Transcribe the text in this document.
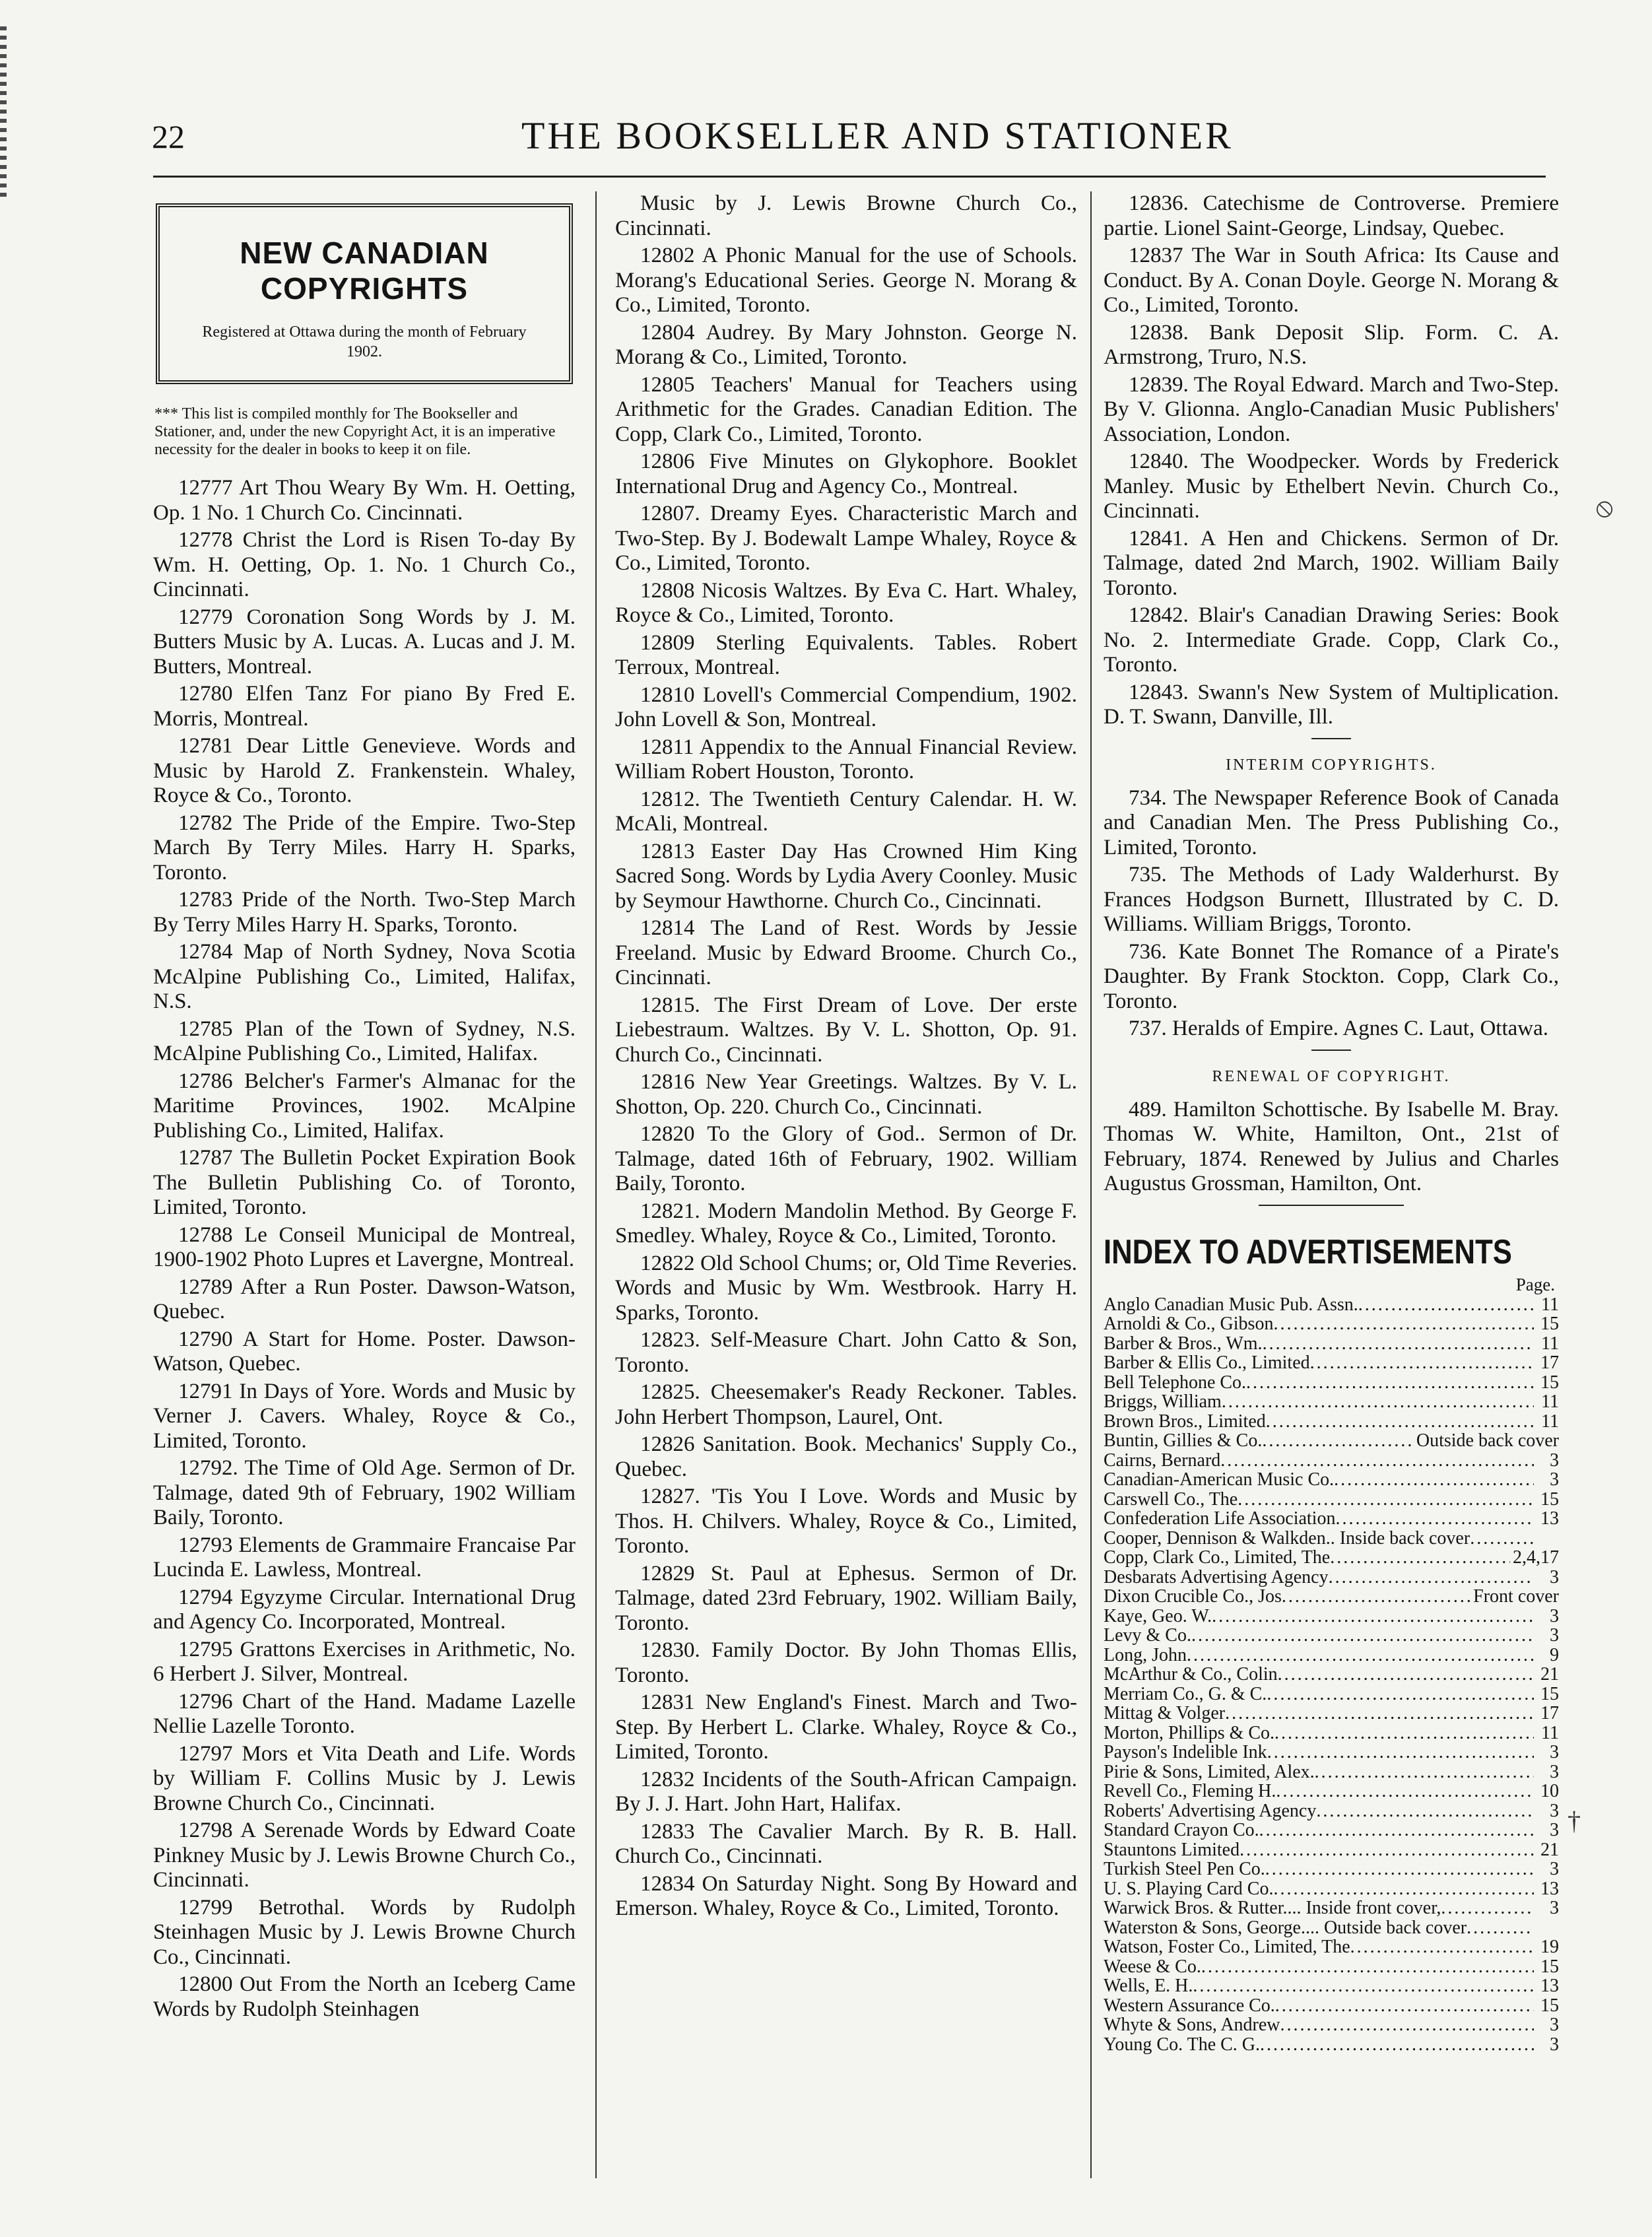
22	THE BOOKSELLER AND STATIONER
NEW CANADIAN COPYRIGHTS
Registered at Ottawa during the month of February 1902.
*** This list is compiled monthly for The Bookseller and Stationer, and, under the new Copyright Act, it is an imperative necessity for the dealer in books to keep it on file.

12777 Art Thou Weary By Wm. H. Oetting, Op. 1 No. 1 Church Co. Cincinnati.

12778 Christ the Lord is Risen To-day By Wm. H. Oetting, Op. 1. No. 1 Church Co., Cincinnati.

12779 Coronation Song Words by J. M. Butters Music by A. Lucas. A. Lucas and J. M. Butters, Montreal.

12780 Elfen Tanz For piano By Fred E. Morris, Montreal.

12781 Dear Little Genevieve. Words and Music by Harold Z. Frankenstein. Whaley, Royce & Co., Toronto.

12782 The Pride of the Empire. Two-Step March By Terry Miles. Harry H. Sparks, Toronto.

12783 Pride of the North. Two-Step March By Terry Miles Harry H. Sparks, Toronto.

12784 Map of North Sydney, Nova Scotia McAlpine Publishing Co., Limited, Halifax, N.S.

12785 Plan of the Town of Sydney, N.S. McAlpine Publishing Co., Limited, Halifax.

12786 Belcher's Farmer's Almanac for the Maritime Provinces, 1902. McAlpine Publishing Co., Limited, Halifax.

12787 The Bulletin Pocket Expiration Book The Bulletin Publishing Co. of Toronto, Limited, Toronto.

12788 Le Conseil Municipal de Montreal, 1900-1902 Photo Lupres et Lavergne, Montreal.

12789 After a Run Poster. Dawson-Watson, Quebec.

12790 A Start for Home. Poster. Dawson-Watson, Quebec.

12791 In Days of Yore. Words and Music by Verner J. Cavers. Whaley, Royce & Co., Limited, Toronto.

12792. The Time of Old Age. Sermon of Dr. Talmage, dated 9th of February, 1902 William Baily, Toronto.

12793 Elements de Grammaire Francaise Par Lucinda E. Lawless, Montreal.

12794 Egyzyme Circular. International Drug and Agency Co. Incorporated, Montreal.

12795 Grattons Exercises in Arithmetic, No. 6 Herbert J. Silver, Montreal.

12796 Chart of the Hand. Madame Lazelle Nellie Lazelle Toronto.

12797 Mors et Vita Death and Life. Words by William F. Collins Music by J. Lewis Browne Church Co., Cincinnati.

12798 A Serenade Words by Edward Coate Pinkney Music by J. Lewis Browne Church Co., Cincinnati.

12799 Betrothal. Words by Rudolph Steinhagen Music by J. Lewis Browne Church Co., Cincinnati.

12800 Out From the North an Iceberg Came Words by Rudolph Steinhagen

Music by J. Lewis Browne Church Co., Cincinnati.

12802 A Phonic Manual for the use of Schools. Morang's Educational Series. George N. Morang & Co., Limited, Toronto.

12804 Audrey. By Mary Johnston. George N. Morang & Co., Limited, Toronto.

12805 Teachers' Manual for Teachers using Arithmetic for the Grades. Canadian Edition. The Copp, Clark Co., Limited, Toronto.

12806 Five Minutes on Glykophore. Booklet International Drug and Agency Co., Montreal.

12807. Dreamy Eyes. Characteristic March and Two-Step. By J. Bodewalt Lampe Whaley, Royce & Co., Limited, Toronto.

12808 Nicosis Waltzes. By Eva C. Hart. Whaley, Royce & Co., Limited, Toronto.

12809 Sterling Equivalents. Tables. Robert Terroux, Montreal.

12810 Lovell's Commercial Compendium, 1902. John Lovell & Son, Montreal.

12811 Appendix to the Annual Financial Review. William Robert Houston, Toronto.

12812. The Twentieth Century Calendar. H. W. McAli, Montreal.

12813 Easter Day Has Crowned Him King Sacred Song. Words by Lydia Avery Coonley. Music by Seymour Hawthorne. Church Co., Cincinnati.

12814 The Land of Rest. Words by Jessie Freeland. Music by Edward Broome. Church Co., Cincinnati.

12815. The First Dream of Love. Der erste Liebestraum. Waltzes. By V. L. Shotton, Op. 91. Church Co., Cincinnati.

12816 New Year Greetings. Waltzes. By V. L. Shotton, Op. 220. Church Co., Cincinnati.

12820 To the Glory of God.. Sermon of Dr. Talmage, dated 16th of February, 1902. William Baily, Toronto.

12821. Modern Mandolin Method. By George F. Smedley. Whaley, Royce & Co., Limited, Toronto.

12822 Old School Chums; or, Old Time Reveries. Words and Music by Wm. Westbrook. Harry H. Sparks, Toronto.

12823. Self-Measure Chart. John Catto & Son, Toronto.

12825. Cheesemaker's Ready Reckoner. Tables. John Herbert Thompson, Laurel, Ont.

12826 Sanitation. Book. Mechanics' Supply Co., Quebec.

12827. 'Tis You I Love. Words and Music by Thos. H. Chilvers. Whaley, Royce & Co., Limited, Toronto.

12829 St. Paul at Ephesus. Sermon of Dr. Talmage, dated 23rd February, 1902. William Baily, Toronto.

12830. Family Doctor. By John Thomas Ellis, Toronto.

12831 New England's Finest. March and Two-Step. By Herbert L. Clarke. Whaley, Royce & Co., Limited, Toronto.

12832 Incidents of the South-African Campaign. By J. J. Hart. John Hart, Halifax.

12833 The Cavalier March. By R. B. Hall. Church Co., Cincinnati.

12834 On Saturday Night. Song By Howard and Emerson. Whaley, Royce & Co., Limited, Toronto.

12836. Catechisme de Controverse. Premiere partie. Lionel Saint-George, Lindsay, Quebec.

12837 The War in South Africa: Its Cause and Conduct. By A. Conan Doyle. George N. Morang & Co., Limited, Toronto.

12838. Bank Deposit Slip. Form. C. A. Armstrong, Truro, N.S.

12839. The Royal Edward. March and Two-Step. By V. Glionna. Anglo-Canadian Music Publishers' Association, London.

12840. The Woodpecker. Words by Frederick Manley. Music by Ethelbert Nevin. Church Co., Cincinnati.

12841. A Hen and Chickens. Sermon of Dr. Talmage, dated 2nd March, 1902. William Baily Toronto.

12842. Blair's Canadian Drawing Series: Book No. 2. Intermediate Grade. Copp, Clark Co., Toronto.

12843. Swann's New System of Multiplication. D. T. Swann, Danville, Ill.

INTERIM COPYRIGHTS.

734. The Newspaper Reference Book of Canada and Canadian Men. The Press Publishing Co., Limited, Toronto.

735. The Methods of Lady Walderhurst. By Frances Hodgson Burnett, Illustrated by C. D. Williams. William Briggs, Toronto.

736. Kate Bonnet The Romance of a Pirate's Daughter. By Frank Stockton. Copp, Clark Co., Toronto.

737. Heralds of Empire. Agnes C. Laut, Ottawa.

RENEWAL OF COPYRIGHT.

489. Hamilton Schottische. By Isabelle M. Bray. Thomas W. White, Hamilton, Ont., 21st of February, 1874. Renewed by Julius and Charles Augustus Grossman, Hamilton, Ont.

INDEX TO ADVERTISEMENTS
Page.
Anglo Canadian Music Pub. Assn. .....	11
Arnoldi & Co., Gibson .....	15
Barber & Bros., Wm. .....	11
Barber & Ellis Co., Limited .....	17
Bell Telephone Co. .....	15
Briggs, William .....	11
Brown Bros., Limited .....	11
Buntin, Gillies & Co. .....	Outside back cover
Cairns, Bernard .....	3
Canadian-American Music Co. .....	3
Carswell Co., The .....	15
Confederation Life Association .....	13
Cooper, Dennison & Walkden.. Inside back cover
.....
Copp, Clark Co., Limited, The .....	2,4,17
Desbarats Advertising Agency .....	3
Dixon Crucible Co., Jos .....	Front cover
Kaye, Geo. W. .....	3
Levy & Co. .....	3
Long, John .....	9
McArthur & Co., Colin .....	21
Merriam Co., G. & C. .....	15
Mittag & Volger .....	17
Morton, Phillips & Co. .....	11
Payson's Indelible Ink .....	3
Pirie & Sons, Limited, Alex. .....	3
Revell Co., Fleming H. .....	10
Roberts' Advertising Agency .....	3
Standard Crayon Co. .....	3
Stauntons Limited .....	21
Turkish Steel Pen Co. .....	3
U. S. Playing Card Co. .....	13
Warwick Bros. & Rutter.... Inside front cover, .....	3
Waterston & Sons, George.... Outside back cover
.....
Watson, Foster Co., Limited, The .....	19
Weese & Co. .....	15
Wells, E. H. .....	13
Western Assurance Co. .....	15
Whyte & Sons, Andrew .....	3
Young Co. The C. G. .....	3
⦸
†
